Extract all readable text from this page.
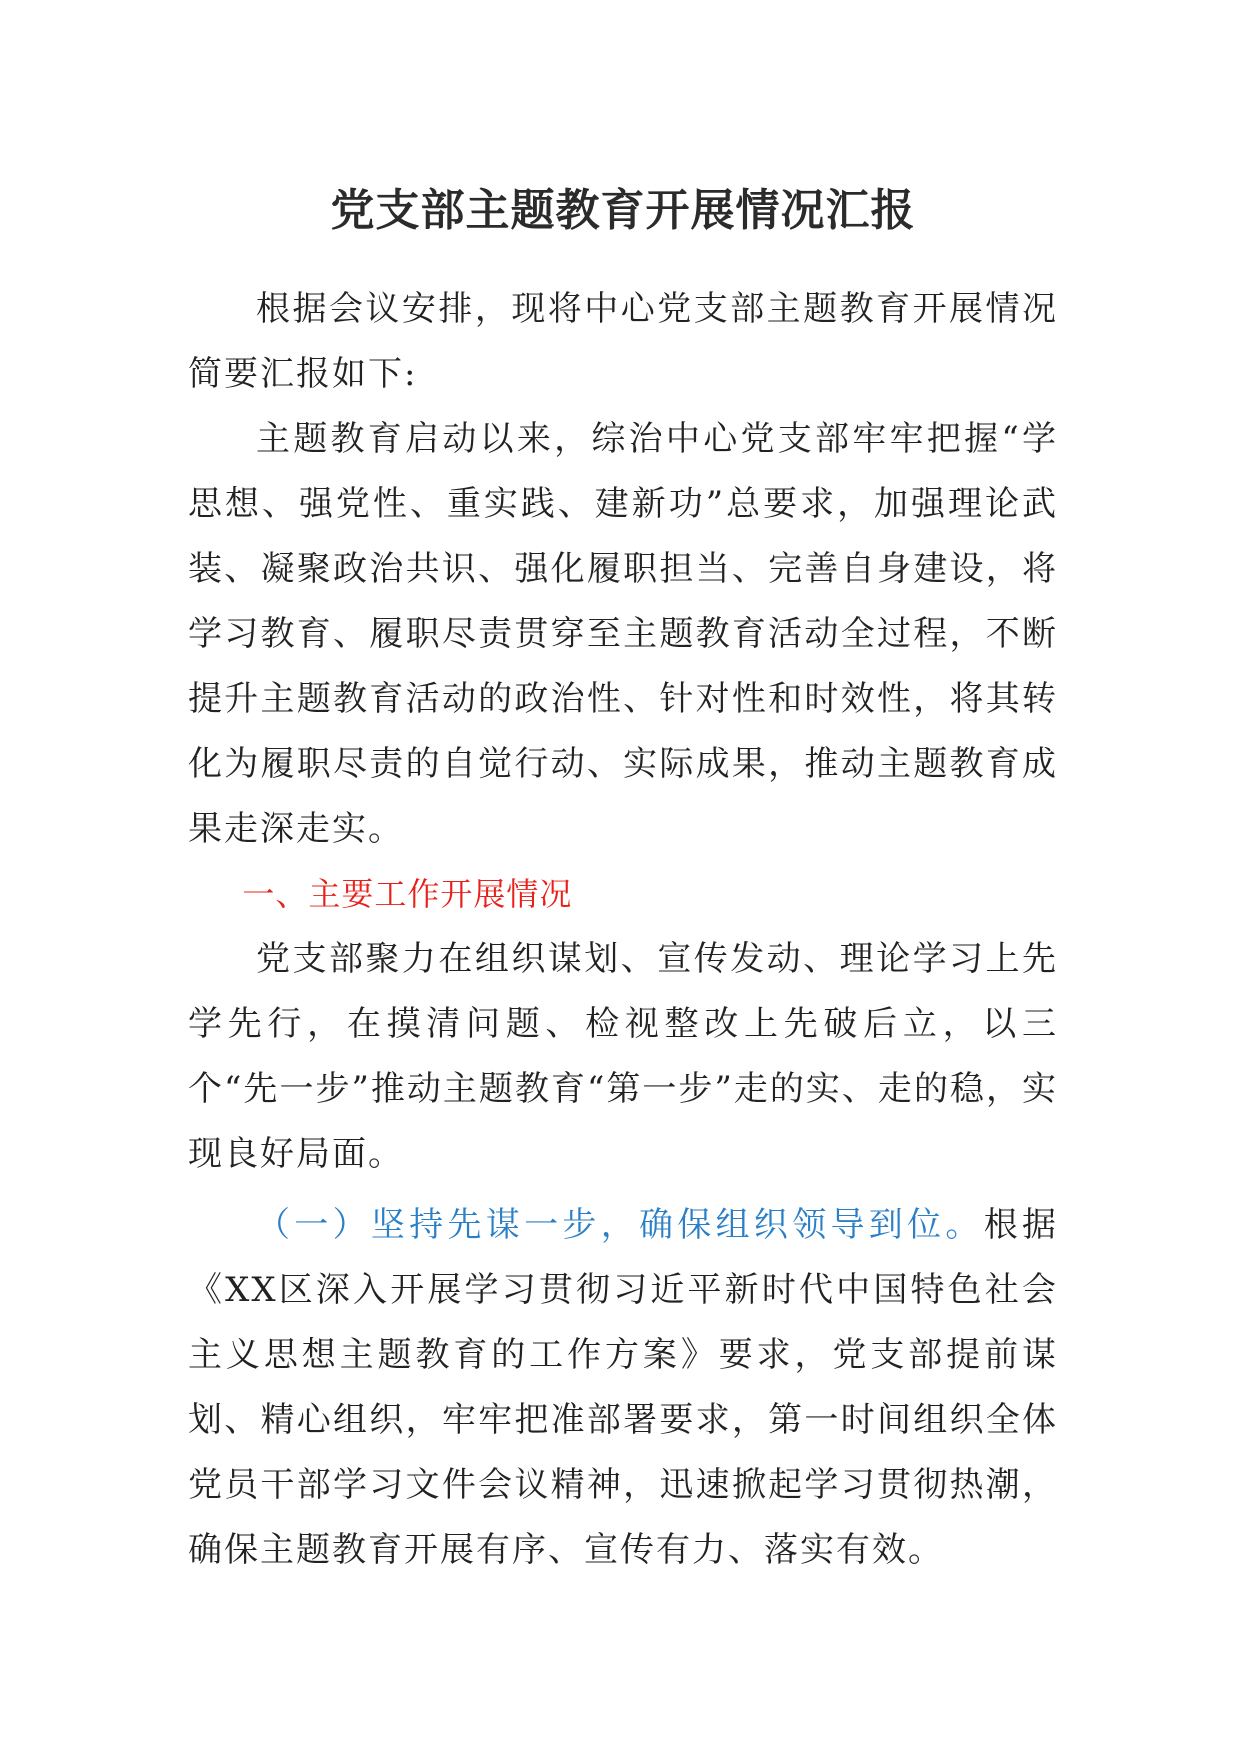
党支部主题教育开展情况汇报

根据会议安排，现将中心党支部主题教育开展情况简要汇报如下:

主题教育启动以来，综治中心党支部牢牢把握“学思想、强党性、重实践、建新功”总要求，加强理论武装、凝聚政治共识、强化履职担当、完善自身建设，将学习教育、履职尽责贯穿至主题教育活动全过程，不断提升主题教育活动的政治性、针对性和时效性，将其转化为履职尽责的自觉行动、实际成果，推动主题教育成果走深走实。

一、主要工作开展情况

党支部聚力在组织谋划、宣传发动、理论学习上先学先行，在摸清问题、检视整改上先破后立，以三个“先一步”推动主题教育“第一步”走的实、走的稳，实现良好局面。

（一）坚持先谋一步，确保组织领导到位。根据《XX区深入开展学习贯彻习近平新时代中国特色社会主义思想主题教育的工作方案》要求，党支部提前谋划、精心组织，牢牢把准部署要求，第一时间组织全体党员干部学习文件会议精神，迅速掀起学习贯彻热潮，确保主题教育开展有序、宣传有力、落实有效。
